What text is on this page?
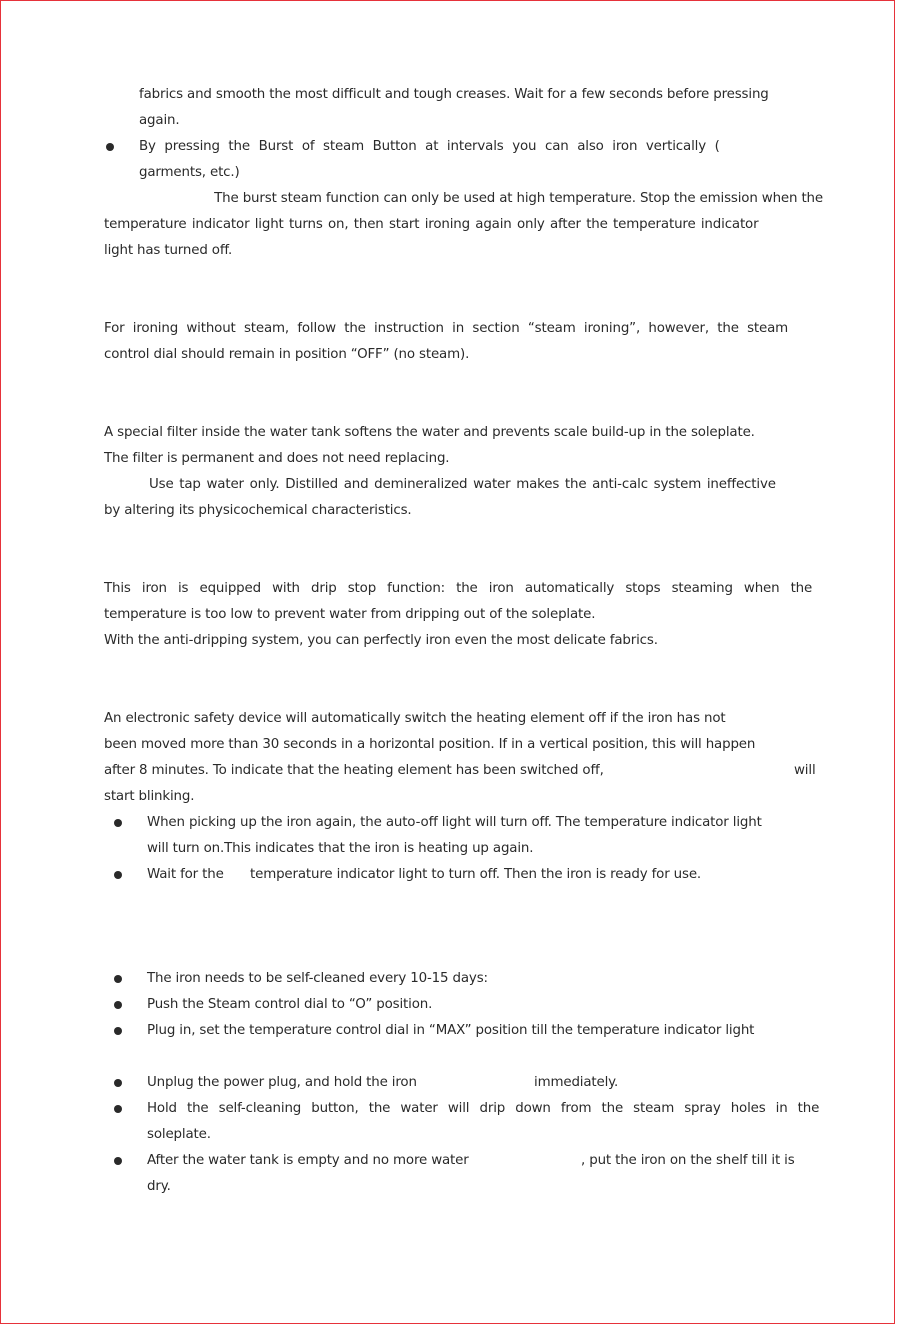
fabrics and smooth the most difficult and tough creases. Wait for a few seconds before pressing
again.
By pressing the Burst of steam Button at intervals you can also iron vertically (
garments, etc.)
The burst steam function can only be used at high temperature. Stop the emission when the
temperature indicator light turns on, then start ironing again only after the temperature indicator
light has turned off.
For ironing without steam, follow the instruction in section “steam ironing”, however, the steam
control dial should remain in position “OFF” (no steam).
A special filter inside the water tank softens the water and prevents scale build-up in the soleplate.
The filter is permanent and does not need replacing.
Use tap water only. Distilled and demineralized water makes the anti-calc system ineffective
by altering its physicochemical characteristics.
This iron is equipped with drip stop function: the iron automatically stops steaming when the
temperature is too low to prevent water from dripping out of the soleplate.
With the anti-dripping system, you can perfectly iron even the most delicate fabrics.
An electronic safety device will automatically switch the heating element off if the iron has not
been moved more than 30 seconds in a horizontal position. If in a vertical position, this will happen
after 8 minutes. To indicate that the heating element has been switched off,	will
start blinking.
When picking up the iron again, the auto-off light will turn off. The temperature indicator light
will turn on.This indicates that the iron is heating up again.
Wait for the temperature indicator light to turn off. Then the iron is ready for use.
The iron needs to be self-cleaned every 10-15 days:
Push the Steam control dial to “O” position.
Plug in, set the temperature control dial in “MAX” position till the temperature indicator light
Unplug the power plug, and hold the iron	immediately.
Hold the self-cleaning button, the water will drip down from the steam spray holes in the
soleplate.
After the water tank is empty and no more water	, put the iron on the shelf till it is
dry.
